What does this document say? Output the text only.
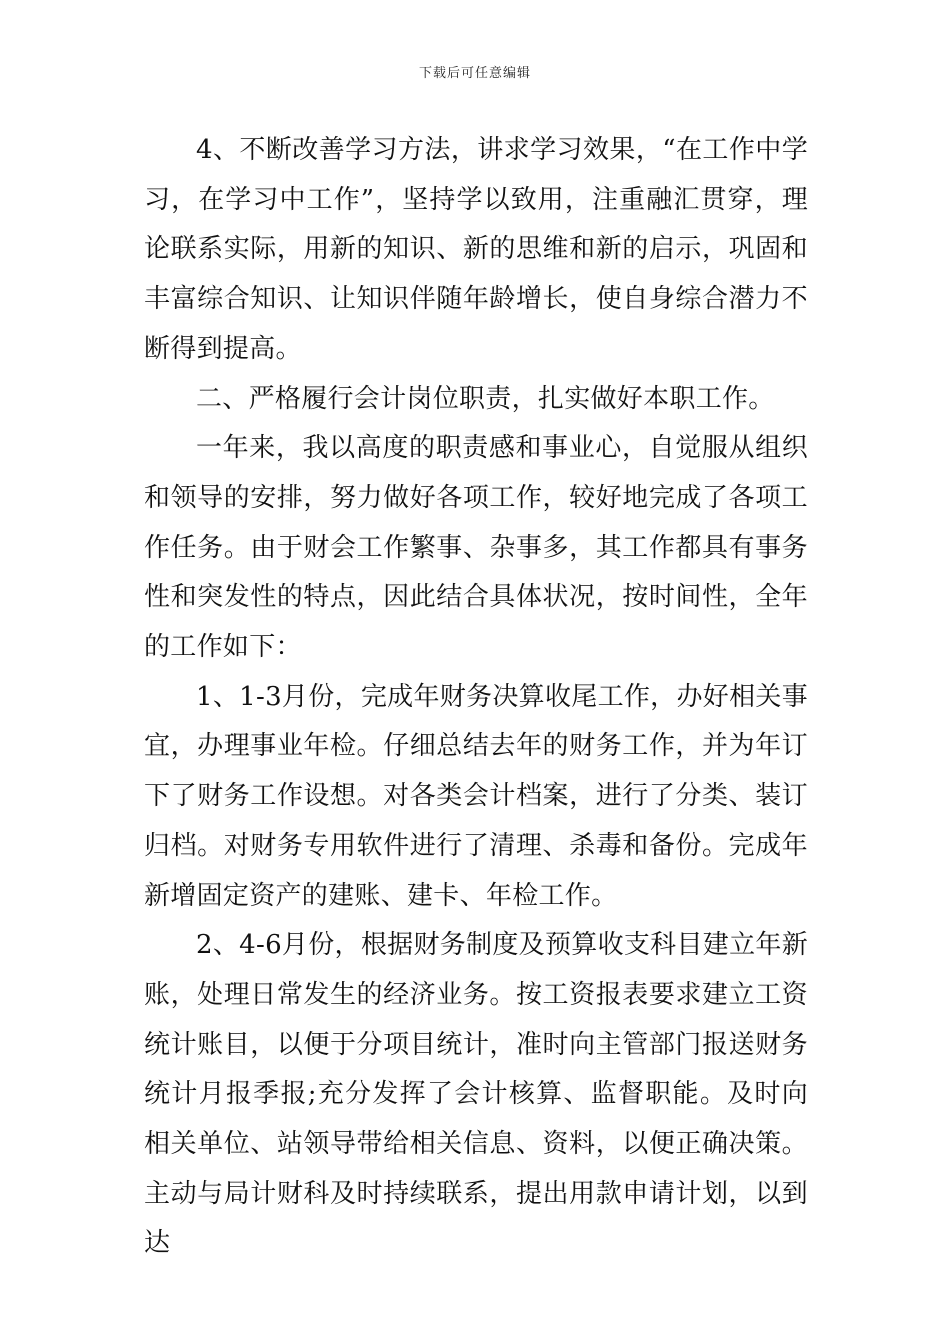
下载后可任意编辑

4、不断改善学习方法，讲求学习效果，“在工作中学习，在学习中工作”，坚持学以致用，注重融汇贯穿，理论联系实际，用新的知识、新的思维和新的启示，巩固和丰富综合知识、让知识伴随年龄增长，使自身综合潜力不断得到提高。

二、严格履行会计岗位职责，扎实做好本职工作。

一年来，我以高度的职责感和事业心，自觉服从组织和领导的安排，努力做好各项工作，较好地完成了各项工作任务。由于财会工作繁事、杂事多，其工作都具有事务性和突发性的特点，因此结合具体状况，按时间性，全年的工作如下：

1、1-3月份，完成年财务决算收尾工作，办好相关事宜，办理事业年检。仔细总结去年的财务工作，并为年订下了财务工作设想。对各类会计档案，进行了分类、装订归档。对财务专用软件进行了清理、杀毒和备份。完成年新增固定资产的建账、建卡、年检工作。

2、4-6月份，根据财务制度及预算收支科目建立年新账，处理日常发生的经济业务。按工资报表要求建立工资统计账目，以便于分项目统计，准时向主管部门报送财务统计月报季报;充分发挥了会计核算、监督职能。及时向相关单位、站领导带给相关信息、资料，以便正确决策。主动与局计财科及时持续联系，提出用款申请计划，以到达
